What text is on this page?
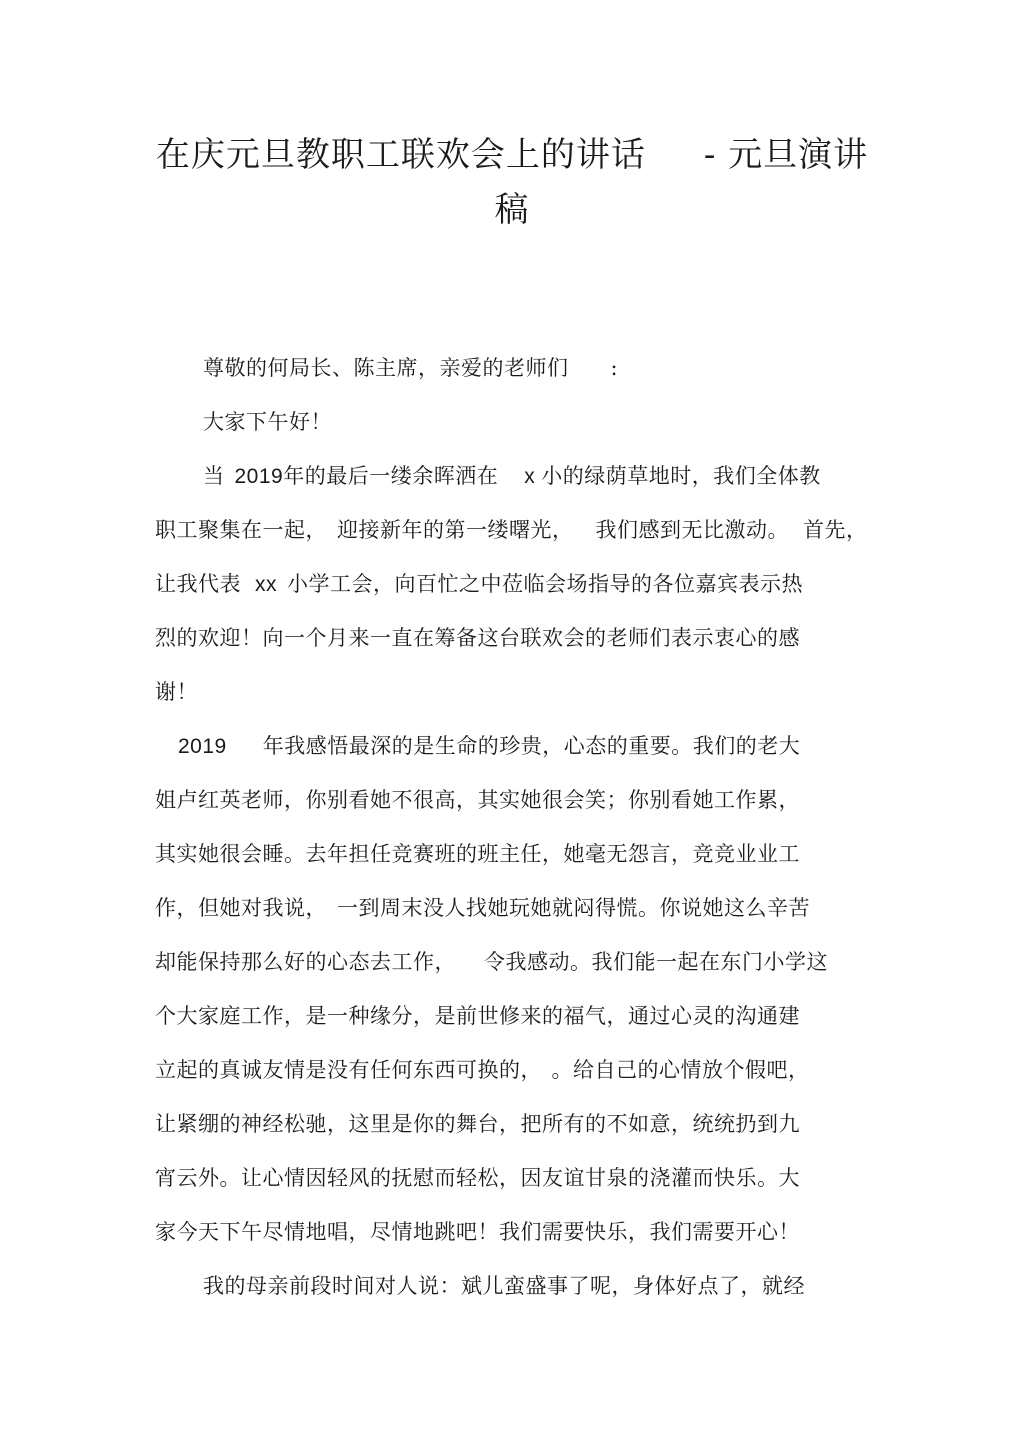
在庆元旦教职工联欢会上的讲话 - 元旦演讲
稿
尊敬的何局长、陈主席，亲爱的老师们 :
大家下午好！
当 2019年的最后一缕余晖洒在 x 小的绿荫草地时，我们全体教
职工聚集在一起， 迎接新年的第一缕曙光， 我们感到无比激动。 首先，
让我代表 xx 小学工会，向百忙之中莅临会场指导的各位嘉宾表示热
烈的欢迎！向一个月来一直在筹备这台联欢会的老师们表示衷心的感
谢！
2019 年我感悟最深的是生命的珍贵，心态的重要。我们的老大
姐卢红英老师，你别看她不很高，其实她很会笑；你别看她工作累，
其实她很会睡。去年担任竞赛班的班主任，她毫无怨言，竞竞业业工
作，但她对我说， 一到周末没人找她玩她就闷得慌。你说她这么辛苦
却能保持那么好的心态去工作， 令我感动。我们能一起在东门小学这
个大家庭工作，是一种缘分，是前世修来的福气，通过心灵的沟通建
立起的真诚友情是没有任何东西可换的， 。给自己的心情放个假吧，
让紧绷的神经松驰，这里是你的舞台，把所有的不如意，统统扔到九
宵云外。让心情因轻风的抚慰而轻松，因友谊甘泉的浇灌而快乐。大
家今天下午尽情地唱，尽情地跳吧！我们需要快乐，我们需要开心！
我的母亲前段时间对人说：斌儿蛮盛事了呢，身体好点了，就经
